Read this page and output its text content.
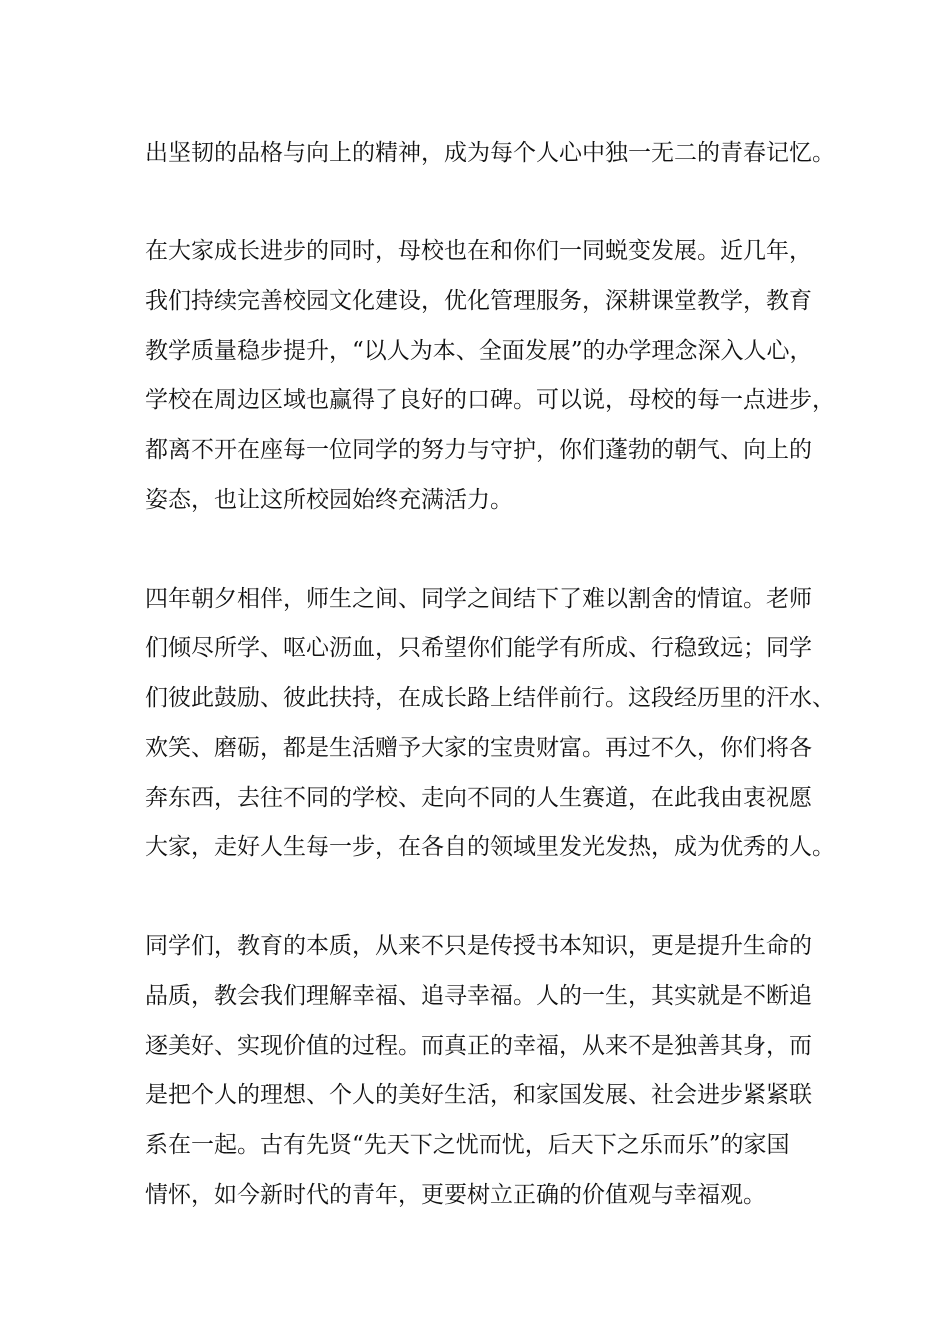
出坚韧的品格与向上的精神，成为每个人心中独一无二的青春记忆。

在大家成长进步的同时，母校也在和你们一同蜕变发展。近几年，

我们持续完善校园文化建设，优化管理服务，深耕课堂教学，教育

教学质量稳步提升，“以人为本、全面发展”的办学理念深入人心，

学校在周边区域也赢得了良好的口碑。可以说，母校的每一点进步，

都离不开在座每一位同学的努力与守护，你们蓬勃的朝气、向上的

姿态，也让这所校园始终充满活力。

四年朝夕相伴，师生之间、同学之间结下了难以割舍的情谊。老师

们倾尽所学、呕心沥血，只希望你们能学有所成、行稳致远；同学

们彼此鼓励、彼此扶持，在成长路上结伴前行。这段经历里的汗水、

欢笑、磨砺，都是生活赠予大家的宝贵财富。再过不久，你们将各

奔东西，去往不同的学校、走向不同的人生赛道，在此我由衷祝愿

大家，走好人生每一步，在各自的领域里发光发热，成为优秀的人。

同学们，教育的本质，从来不只是传授书本知识，更是提升生命的

品质，教会我们理解幸福、追寻幸福。人的一生，其实就是不断追

逐美好、实现价值的过程。而真正的幸福，从来不是独善其身，而

是把个人的理想、个人的美好生活，和家国发展、社会进步紧紧联

系在一起。古有先贤“先天下之忧而忧，后天下之乐而乐”的家国

情怀，如今新时代的青年，更要树立正确的价值观与幸福观。
